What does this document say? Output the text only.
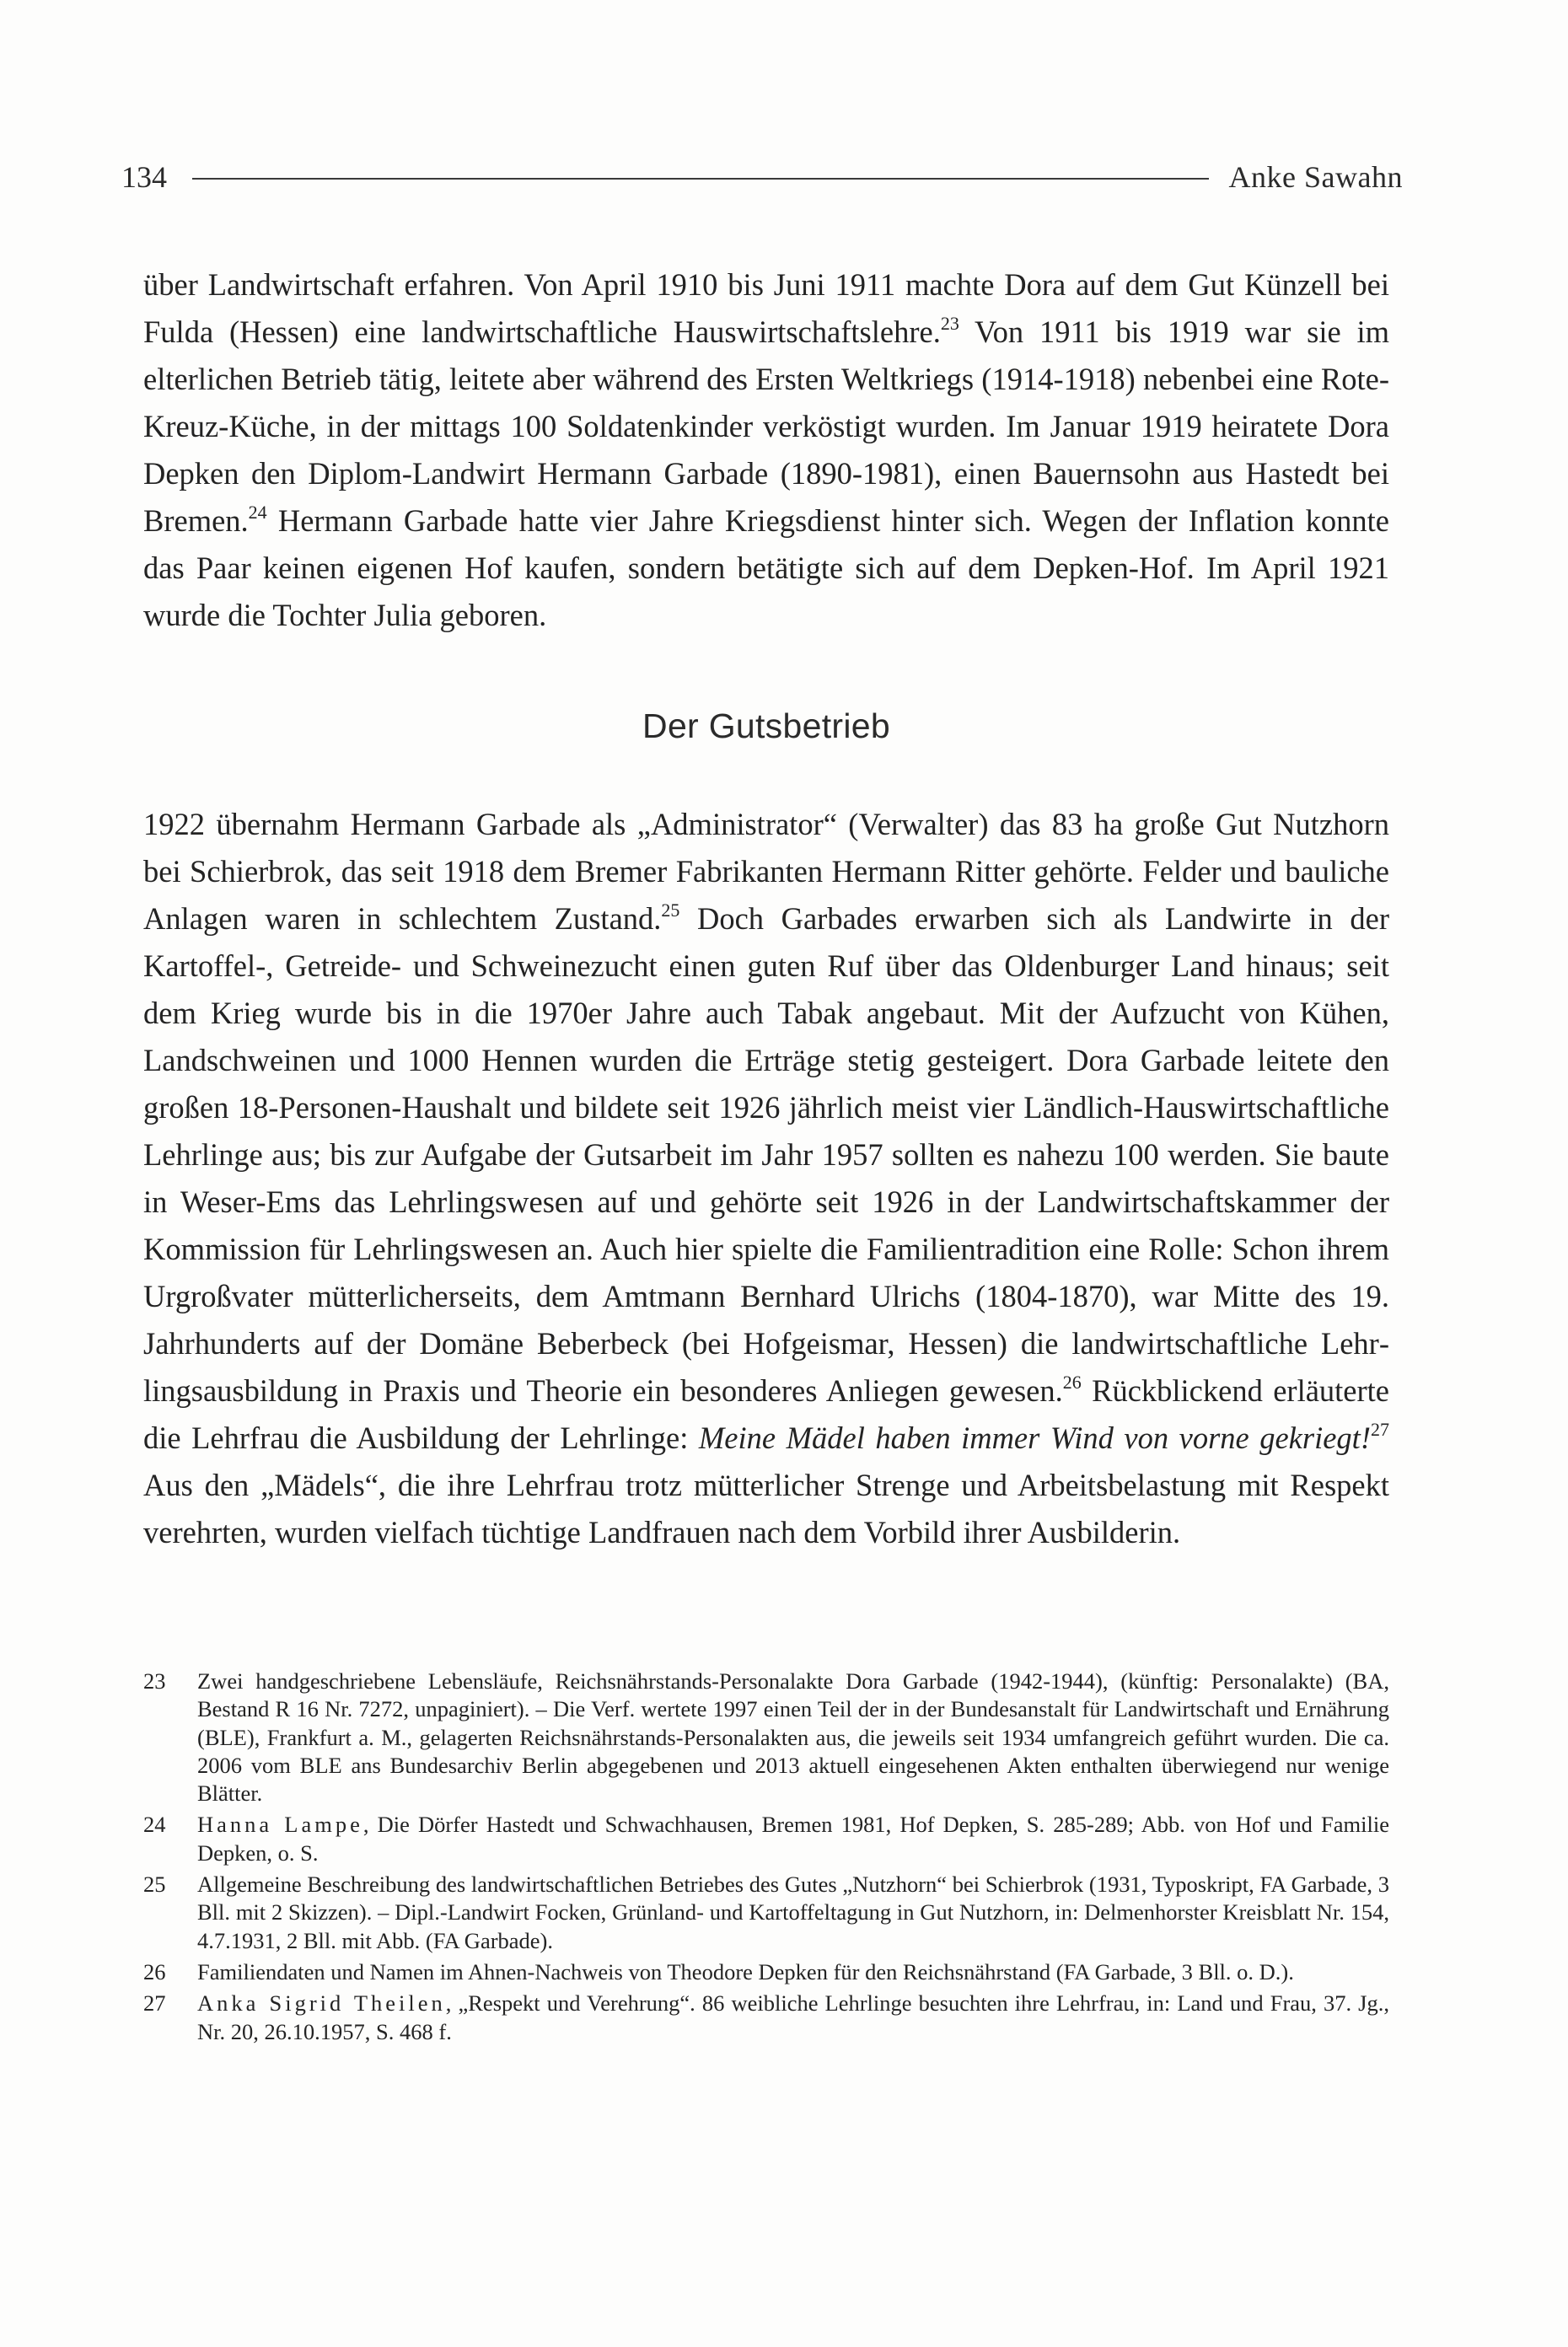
134	Anke Sawahn

über Landwirtschaft erfahren. Von April 1910 bis Juni 1911 machte Dora auf dem Gut Künzell bei Fulda (Hessen) eine landwirtschaftliche Hauswirtschaftslehre.$^{23}$ Von 1911 bis 1919 war sie im elterlichen Betrieb tätig, leitete aber während des Ersten Weltkriegs (1914-1918) nebenbei eine Rote-Kreuz-Küche, in der mittags 100 Soldatenkinder verköstigt wurden. Im Januar 1919 heiratete Dora Depken den Diplom-Landwirt Hermann Garbade (1890-1981), einen Bauernsohn aus Hastedt bei Bremen.$^{24}$ Hermann Garbade hatte vier Jahre Kriegsdienst hinter sich. Wegen der Inflation konnte das Paar keinen eigenen Hof kaufen, sondern betätigte sich auf dem Depken-Hof. Im April 1921 wurde die Tochter Julia geboren.

Der Gutsbetrieb

1922 übernahm Hermann Garbade als „Administrator“ (Verwalter) das 83 ha große Gut Nutzhorn bei Schierbrok, das seit 1918 dem Bremer Fabrikanten Hermann Ritter gehörte. Felder und bauliche Anlagen waren in schlechtem Zustand.$^{25}$ Doch Garbades erwarben sich als Landwirte in der Kartoffel-, Getreide- und Schweinezucht einen guten Ruf über das Oldenburger Land hinaus; seit dem Krieg wurde bis in die 1970er Jahre auch Tabak angebaut. Mit der Aufzucht von Kühen, Landschweinen und 1000 Hennen wurden die Erträge stetig gesteigert. Dora Garbade leitete den großen 18-Personen-Haushalt und bildete seit 1926 jährlich meist vier Ländlich-Hauswirtschaftliche Lehrlinge aus; bis zur Aufgabe der Gutsarbeit im Jahr 1957 sollten es nahezu 100 werden. Sie baute in Weser-Ems das Lehrlingswesen auf und gehörte seit 1926 in der Landwirtschaftskammer der Kommission für Lehrlingswesen an. Auch hier spielte die Familientradition eine Rolle: Schon ihrem Urgroßvater mütterlicherseits, dem Amtmann Bernhard Ulrichs (1804-1870), war Mitte des 19. Jahrhunderts auf der Domäne Beberbeck (bei Hofgeismar, Hessen) die landwirtschaftliche Lehrlingsausbildung in Praxis und Theorie ein besonderes Anliegen gewesen.$^{26}$ Rückblickend erläuterte die Lehrfrau die Ausbildung der Lehrlinge: Meine Mädel haben immer Wind von vorne gekriegt!$^{27}$ Aus den „Mädels“, die ihre Lehrfrau trotz mütterlicher Strenge und Arbeitsbelastung mit Respekt verehrten, wurden vielfach tüchtige Landfrauen nach dem Vorbild ihrer Ausbilderin.

23	Zwei handgeschriebene Lebensläufe, Reichsnährstands-Personalakte Dora Garbade (1942-1944), (künftig: Personalakte) (BA, Bestand R 16 Nr. 7272, unpaginiert). – Die Verf. wertete 1997 einen Teil der in der Bundesanstalt für Landwirtschaft und Ernährung (BLE), Frankfurt a. M., gelagerten Reichsnährstands-Personalakten aus, die jeweils seit 1934 umfangreich geführt wurden. Die ca. 2006 vom BLE ans Bundesarchiv Berlin abgegebenen und 2013 aktuell eingesehenen Akten enthalten überwiegend nur wenige Blätter.
24	Hanna Lampe, Die Dörfer Hastedt und Schwachhausen, Bremen 1981, Hof Depken, S. 285-289; Abb. von Hof und Familie Depken, o. S.
25	Allgemeine Beschreibung des landwirtschaftlichen Betriebes des Gutes „Nutzhorn“ bei Schierbrok (1931, Typoskript, FA Garbade, 3 Bll. mit 2 Skizzen). – Dipl.-Landwirt Focken, Grünland- und Kartoffeltagung in Gut Nutzhorn, in: Delmenhorster Kreisblatt Nr. 154, 4.7.1931, 2 Bll. mit Abb. (FA Garbade).
26	Familiendaten und Namen im Ahnen-Nachweis von Theodore Depken für den Reichsnährstand (FA Garbade, 3 Bll. o. D.).
27	Anka Sigrid Theilen, „Respekt und Verehrung“. 86 weibliche Lehrlinge besuchten ihre Lehrfrau, in: Land und Frau, 37. Jg., Nr. 20, 26.10.1957, S. 468 f.
